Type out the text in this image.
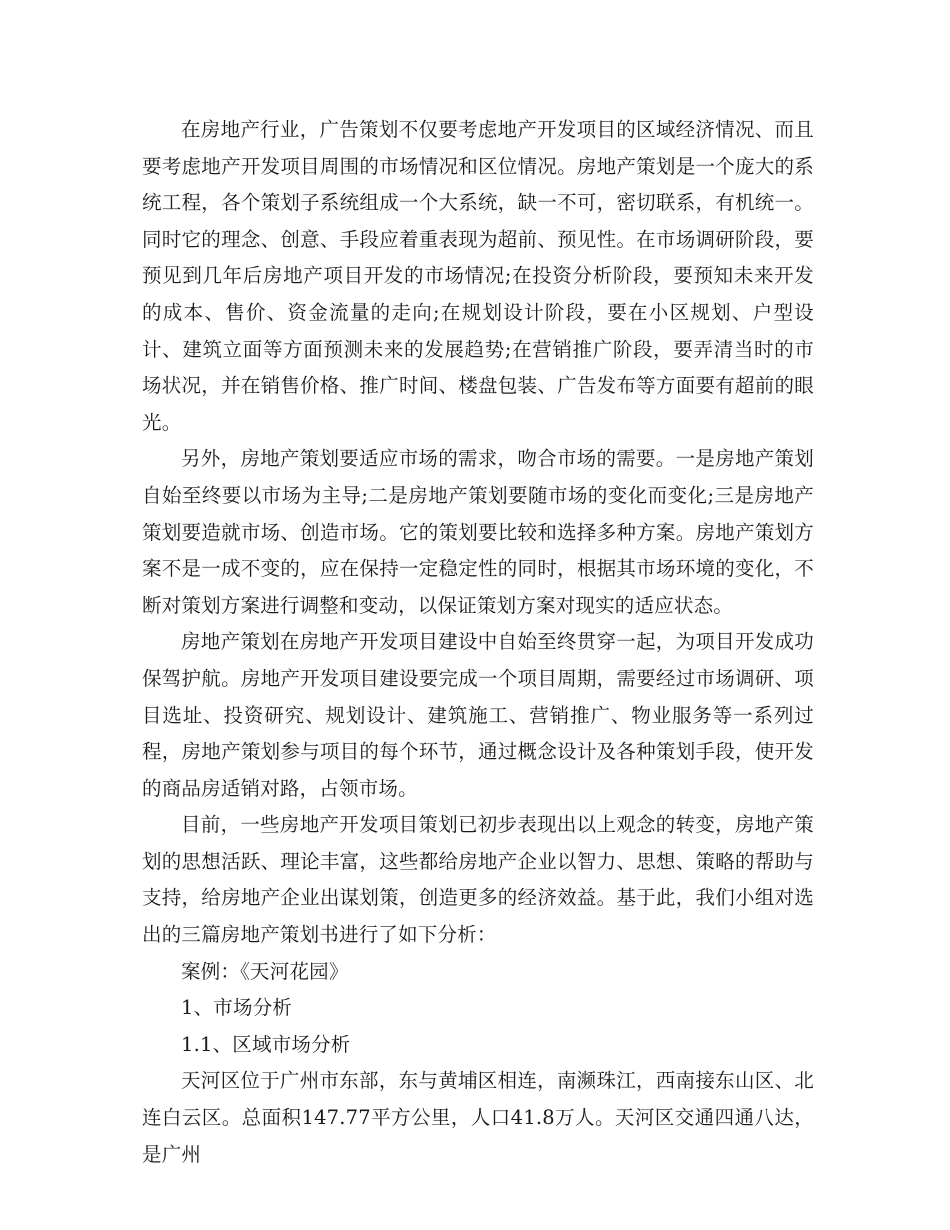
在房地产行业，广告策划不仅要考虑地产开发项目的区域经济情况、而且要考虑地产开发项目周围的市场情况和区位情况。房地产策划是一个庞大的系统工程，各个策划子系统组成一个大系统，缺一不可，密切联系，有机统一。同时它的理念、创意、手段应着重表现为超前、预见性。在市场调研阶段，要预见到几年后房地产项目开发的市场情况;在投资分析阶段，要预知未来开发的成本、售价、资金流量的走向;在规划设计阶段，要在小区规划、户型设计、建筑立面等方面预测未来的发展趋势;在营销推广阶段，要弄清当时的市场状况，并在销售价格、推广时间、楼盘包装、广告发布等方面要有超前的眼光。

另外，房地产策划要适应市场的需求，吻合市场的需要。一是房地产策划自始至终要以市场为主导;二是房地产策划要随市场的变化而变化;三是房地产策划要造就市场、创造市场。它的策划要比较和选择多种方案。房地产策划方案不是一成不变的，应在保持一定稳定性的同时，根据其市场环境的变化，不断对策划方案进行调整和变动，以保证策划方案对现实的适应状态。

房地产策划在房地产开发项目建设中自始至终贯穿一起，为项目开发成功保驾护航。房地产开发项目建设要完成一个项目周期，需要经过市场调研、项目选址、投资研究、规划设计、建筑施工、营销推广、物业服务等一系列过程，房地产策划参与项目的每个环节，通过概念设计及各种策划手段，使开发的商品房适销对路，占领市场。

目前，一些房地产开发项目策划已初步表现出以上观念的转变，房地产策划的思想活跃、理论丰富，这些都给房地产企业以智力、思想、策略的帮助与支持，给房地产企业出谋划策，创造更多的经济效益。基于此，我们小组对选出的三篇房地产策划书进行了如下分析：

案例：《天河花园》

1、市场分析

1.1、区域市场分析

天河区位于广州市东部，东与黄埔区相连，南濒珠江，西南接东山区、北连白云区。总面积147.77平方公里，人口41.8万人。天河区交通四通八达，是广州
